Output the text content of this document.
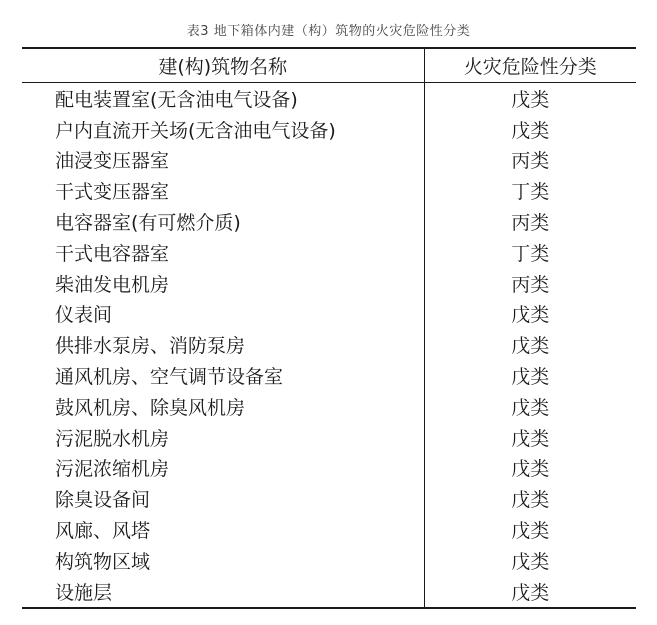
表3 地下箱体内建（构）筑物的火灾危险性分类
建(构)筑物名称	火灾危险性分类
配电装置室(无含油电气设备)	戊类
户内直流开关场(无含油电气设备)	戊类
油浸变压器室	丙类
干式变压器室	丁类
电容器室(有可燃介质)	丙类
干式电容器室	丁类
柴油发电机房	丙类
仪表间	戊类
供排水泵房、消防泵房	戊类
通风机房、空气调节设备室	戊类
鼓风机房、除臭风机房	戊类
污泥脱水机房	戊类
污泥浓缩机房	戊类
除臭设备间	戊类
风廊、风塔	戊类
构筑物区域	戊类
设施层	戊类
